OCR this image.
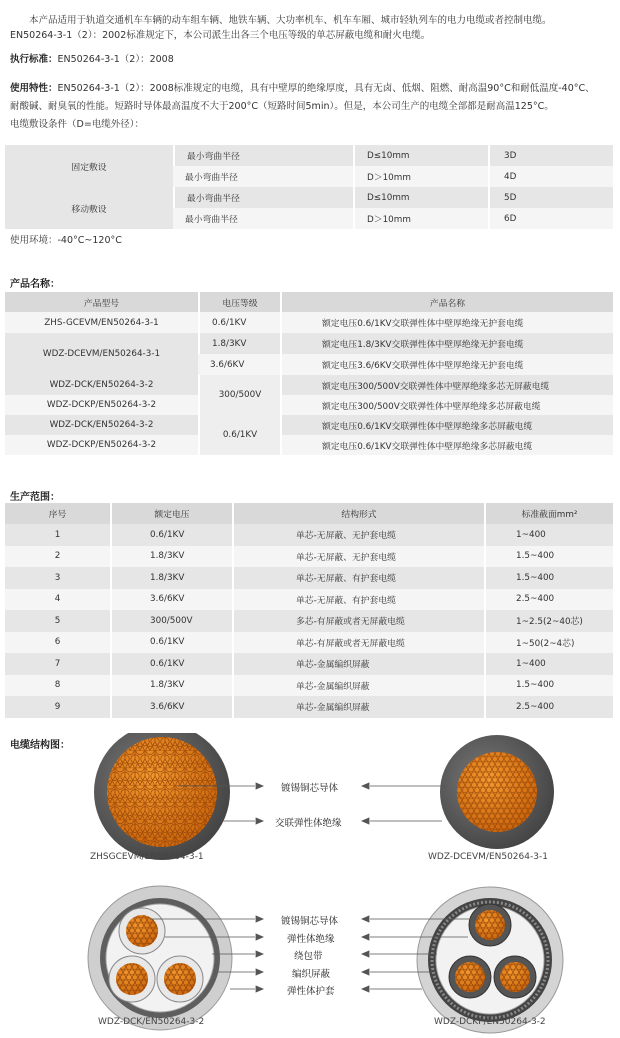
本产品适用于轨道交通机车车辆的动车组车辆、地铁车辆、大功率机车、机车车厢、城市轻轨列车的电力电缆或者控制电缆。

EN50264-3-1（2）：2002标准规定下，本公司派生出各三个电压等级的单芯屏蔽电缆和耐火电缆。

执行标准：EN50264-3-1（2）：2008
使用特性：EN50264-3-1（2）：2008标准规定的电缆，具有中壁厚的绝缘厚度，具有无卤、低烟、阻燃、耐高温90°C和耐低温度-40°C、
耐酸碱、耐臭氧的性能。短路时导体最高温度不大于200°C（短路时间5min）。但是，本公司生产的电缆全部都是耐高温125°C。
电缆敷设条件（D=电缆外径）：
固定敷设	最小弯曲半径	D≤10mm	3D
	最小弯曲半径	D＞10mm	4D
移动敷设	最小弯曲半径	D≤10mm	5D
	最小弯曲半径	D＞10mm	6D
使用环境：-40°C~120°C
产品名称：
产品型号	电压等级	产品名称
ZHS-GCEVM/EN50264-3-1	0.6/1KV	额定电压0.6/1KV交联弹性体中壁厚绝缘无护套电缆
WDZ-DCEVM/EN50264-3-1	1.8/3KV	额定电压1.8/3KV交联弹性体中壁厚绝缘无护套电缆
	3.6/6KV	额定电压3.6/6KV交联弹性体中壁厚绝缘无护套电缆
WDZ-DCK/EN50264-3-2	300/500V	额定电压300/500V交联弹性体中壁厚绝缘多芯无屏蔽电缆
WDZ-DCKP/EN50264-3-2		额定电压300/500V交联弹性体中壁厚绝缘多芯屏蔽电缆
WDZ-DCK/EN50264-3-2	0.6/1KV	额定电压0.6/1KV交联弹性体中壁厚绝缘多芯屏蔽电缆
WDZ-DCKP/EN50264-3-2		额定电压0.6/1KV交联弹性体中壁厚绝缘多芯屏蔽电缆
生产范围：
序号	额定电压	结构形式	标准截面mm²
1	0.6/1KV	单芯-无屏蔽、无护套电缆	1~400
2	1.8/3KV	单芯-无屏蔽、无护套电缆	1.5~400
3	1.8/3KV	单芯-无屏蔽、有护套电缆	1.5~400
4	3.6/6KV	单芯-无屏蔽、有护套电缆	2.5~400
5	300/500V	多芯-有屏蔽或者无屏蔽电缆	1~2.5(2~40芯)
6	0.6/1KV	单芯-有屏蔽或者无屏蔽电缆	1~50(2~4芯)
7	0.6/1KV	单芯-金属编织屏蔽	1~400
8	1.8/3KV	单芯-金属编织屏蔽	1.5~400
9	3.6/6KV	单芯-金属编织屏蔽	2.5~400
电缆结构图：
镀锡铜芯导体
交联弹性体绝缘
ZHSGCEVM/EN50264-3-1	WDZ-DCEVM/EN50264-3-1
镀锡铜芯导体
弹性体绝缘
绕包带
编织屏蔽
弹性体护套
WDZ-DCK/EN50264-3-2	WDZ-DCKP/EN50264-3-2
